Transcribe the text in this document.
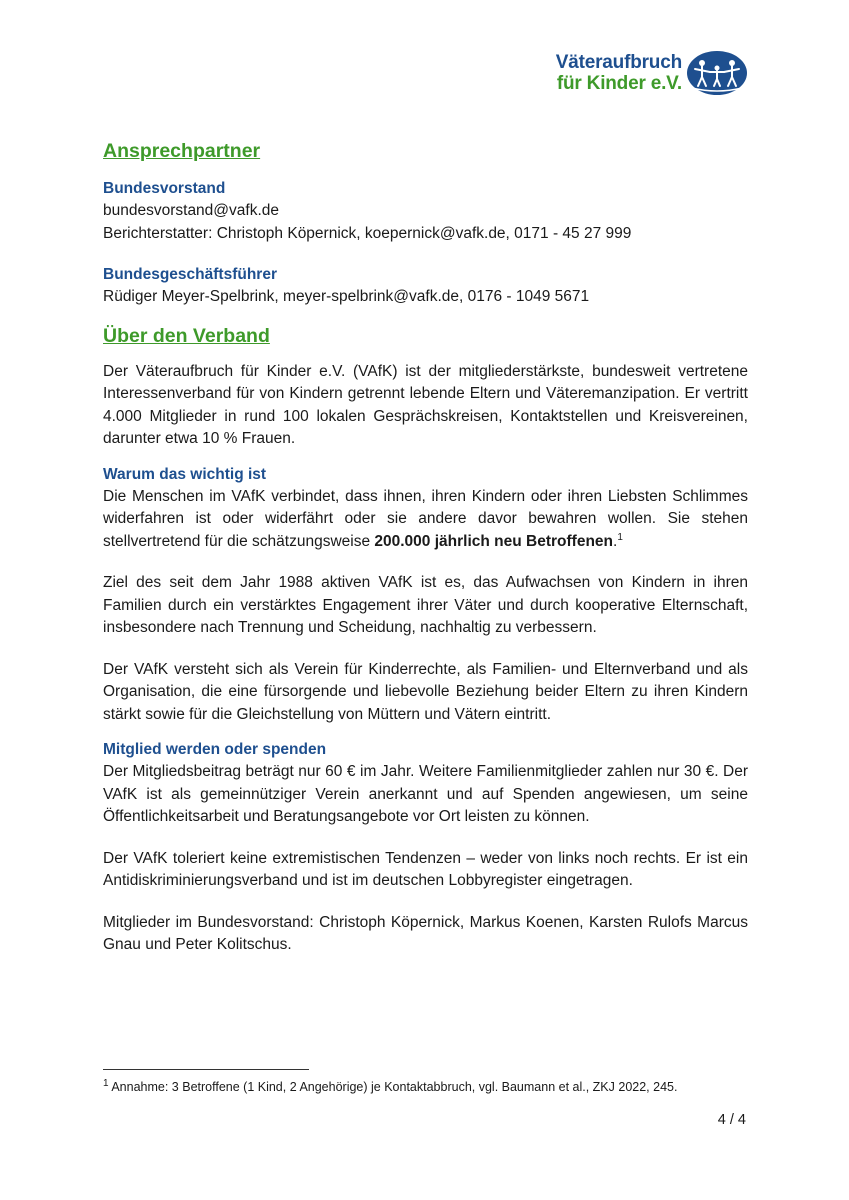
Väteraufbruch
für Kinder e.V.
Ansprechpartner
Bundesvorstand

bundesvorstand@vafk.de

Berichterstatter: Christoph Köpernick, koepernick@vafk.de, 0171 - 45 27 999

Bundesgeschäftsführer

Rüdiger Meyer-Spelbrink, meyer-spelbrink@vafk.de, 0176 - 1049 5671

Über den Verband

Der Väteraufbruch für Kinder e.V. (VAfK) ist der mitgliederstärkste, bundesweit vertretene Interessenverband für von Kindern getrennt lebende Eltern und Väteremanzipation. Er vertritt 4.000 Mitglieder in rund 100 lokalen Gesprächskreisen, Kontaktstellen und Kreisvereinen, darunter etwa 10 % Frauen.

Warum das wichtig ist

Die Menschen im VAfK verbindet, dass ihnen, ihren Kindern oder ihren Liebsten Schlimmes widerfahren ist oder widerfährt oder sie andere davor bewahren wollen. Sie stehen stellvertretend für die schätzungsweise 200.000 jährlich neu Betroffenen.$^1$

Ziel des seit dem Jahr 1988 aktiven VAfK ist es, das Aufwachsen von Kindern in ihren Familien durch ein verstärktes Engagement ihrer Väter und durch kooperative Elternschaft, insbesondere nach Trennung und Scheidung, nachhaltig zu verbessern.

Der VAfK versteht sich als Verein für Kinderrechte, als Familien- und Elternverband und als Organisation, die eine fürsorgende und liebevolle Beziehung beider Eltern zu ihren Kindern stärkt sowie für die Gleichstellung von Müttern und Vätern eintritt.

Mitglied werden oder spenden

Der Mitgliedsbeitrag beträgt nur 60 € im Jahr. Weitere Familienmitglieder zahlen nur 30 €. Der VAfK ist als gemeinnütziger Verein anerkannt und auf Spenden angewiesen, um seine Öffentlichkeitsarbeit und Beratungsangebote vor Ort leisten zu können.

Der VAfK toleriert keine extremistischen Tendenzen – weder von links noch rechts. Er ist ein Antidiskriminierungsverband und ist im deutschen Lobbyregister eingetragen.

Mitglieder im Bundesvorstand: Christoph Köpernick, Markus Koenen, Karsten Rulofs Marcus Gnau und Peter Kolitschus.

$^1$ Annahme: 3 Betroffene (1 Kind, 2 Angehörige) je Kontaktabbruch, vgl. Baumann et al., ZKJ 2022, 245.
4 / 4
